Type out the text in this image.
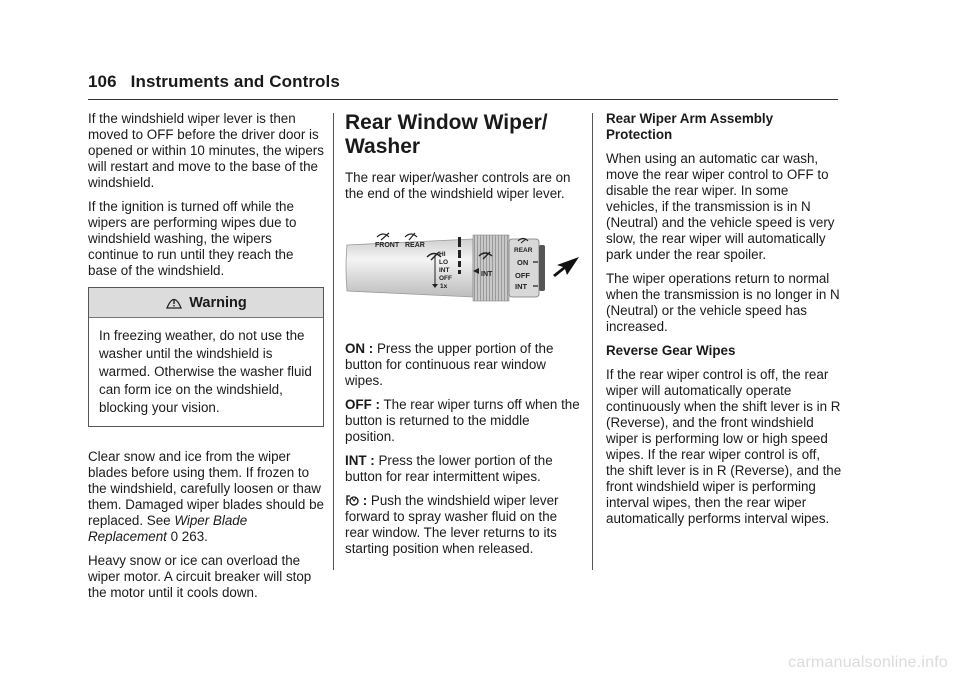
106 Instruments and Controls

If the windshield wiper lever is then moved to OFF before the driver door is opened or within 10 minutes, the wipers will restart and move to the base of the windshield.

If the ignition is turned off while the wipers are performing wipes due to windshield washing, the wipers continue to run until they reach the base of the windshield.

Warning
In freezing weather, do not use the washer until the windshield is warmed. Otherwise the washer fluid can form ice on the windshield, blocking your vision.

Clear snow and ice from the wiper blades before using them. If frozen to the windshield, carefully loosen or thaw them. Damaged wiper blades should be replaced. See Wiper Blade Replacement 0 263.

Heavy snow or ice can overload the wiper motor. A circuit breaker will stop the motor until it cools down.

Rear Window Wiper/
Washer

The rear wiper/washer controls are on the end of the windshield wiper lever.

FRONT REAR
HI
LO
INT
OFF
1x
INT
REAR
ON
OFF
INT

ON : Press the upper portion of the button for continuous rear window wipes.

OFF : The rear wiper turns off when the button is returned to the middle position.

INT : Press the lower portion of the button for rear intermittent wipes.

: Push the windshield wiper lever forward to spray washer fluid on the rear window. The lever returns to its starting position when released.

Rear Wiper Arm Assembly Protection

When using an automatic car wash, move the rear wiper control to OFF to disable the rear wiper. In some vehicles, if the transmission is in N (Neutral) and the vehicle speed is very slow, the rear wiper will automatically park under the rear spoiler.

The wiper operations return to normal when the transmission is no longer in N (Neutral) or the vehicle speed has increased.

Reverse Gear Wipes

If the rear wiper control is off, the rear wiper will automatically operate continuously when the shift lever is in R (Reverse), and the front windshield wiper is performing low or high speed wipes. If the rear wiper control is off, the shift lever is in R (Reverse), and the front windshield wiper is performing interval wipes, then the rear wiper automatically performs interval wipes.

carmanualsonline.info
